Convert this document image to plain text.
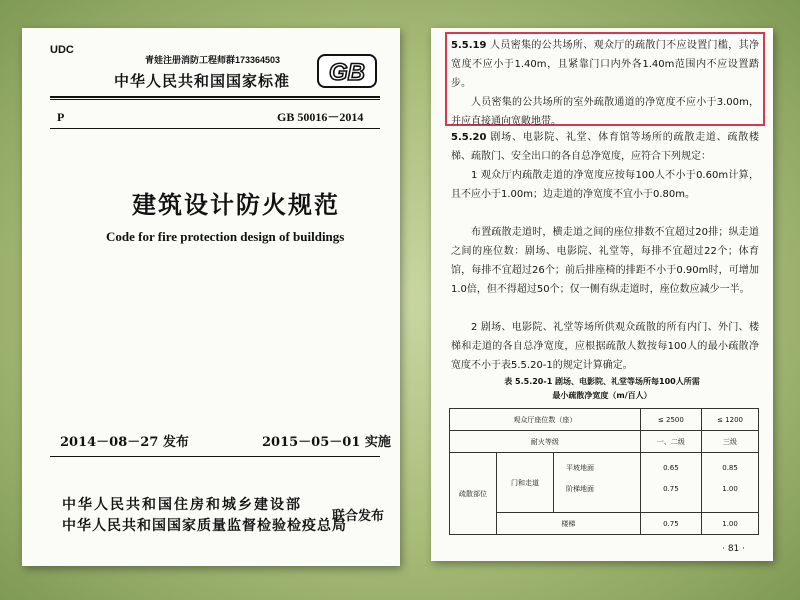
UDC
青娃注册消防工程师群173364503
中华人民共和国国家标准 GB
P	GB 50016－2014
建筑设计防火规范
Code for fire protection design of buildings
2014－08－27 发布	2015－05－01 实施
中华人民共和国住房和城乡建设部
中华人民共和国国家质量监督检验检疫总局
联合发布
5.5.19 人员密集的公共场所、观众厅的疏散门不应设置门槛，其净宽度不应小于1.40m，且紧靠门口内外各1.40m范围内不应设置踏步。
人员密集的公共场所的室外疏散通道的净宽度不应小于3.00m，并应直接通向宽敞地带。
5.5.20 剧场、电影院、礼堂、体育馆等场所的疏散走道、疏散楼梯、疏散门、安全出口的各自总净宽度，应符合下列规定：
1 观众厅内疏散走道的净宽度应按每100人不小于0.60m计算，且不应小于1.00m；边走道的净宽度不宜小于0.80m。
布置疏散走道时，横走道之间的座位排数不宜超过20排；纵走道之间的座位数：剧场、电影院、礼堂等，每排不宜超过22个；体育馆，每排不宜超过26个；前后排座椅的排距不小于0.90m时，可增加1.0倍，但不得超过50个；仅一侧有纵走道时，座位数应减少一半。
2 剧场、电影院、礼堂等场所供观众疏散的所有内门、外门、楼梯和走道的各自总净宽度，应根据疏散人数按每100人的最小疏散净宽度不小于表5.5.20-1的规定计算确定。
表 5.5.20-1 剧场、电影院、礼堂等场所每100人所需
最小疏散净宽度（m/百人）
观众厅座位数（座）			≤ 2500	≤ 1200
耐火等级			一、二级	三级
疏散部位	门和走道	平坡地面	0.65	0.85
		阶梯地面	0.75	1.00
	楼梯		0.75	1.00
· 81 ·
